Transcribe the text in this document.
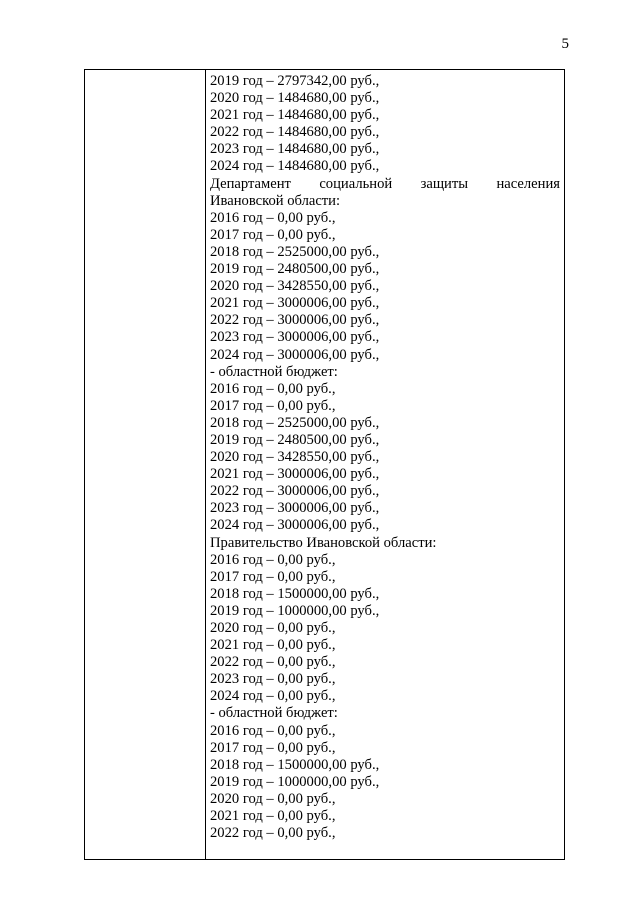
5
2019 год – 2797342,00 руб.,
2020 год – 1484680,00 руб.,
2021 год – 1484680,00 руб.,
2022 год – 1484680,00 руб.,
2023 год – 1484680,00 руб.,
2024 год – 1484680,00 руб.,
Департамент социальной защиты населения
Ивановской области:
2016 год – 0,00 руб.,
2017 год – 0,00 руб.,
2018 год – 2525000,00 руб.,
2019 год – 2480500,00 руб.,
2020 год – 3428550,00 руб.,
2021 год – 3000006,00 руб.,
2022 год – 3000006,00 руб.,
2023 год – 3000006,00 руб.,
2024 год – 3000006,00 руб.,
- областной бюджет:
2016 год – 0,00 руб.,
2017 год – 0,00 руб.,
2018 год – 2525000,00 руб.,
2019 год – 2480500,00 руб.,
2020 год – 3428550,00 руб.,
2021 год – 3000006,00 руб.,
2022 год – 3000006,00 руб.,
2023 год – 3000006,00 руб.,
2024 год – 3000006,00 руб.,
Правительство Ивановской области:
2016 год – 0,00 руб.,
2017 год – 0,00 руб.,
2018 год – 1500000,00 руб.,
2019 год – 1000000,00 руб.,
2020 год – 0,00 руб.,
2021 год – 0,00 руб.,
2022 год – 0,00 руб.,
2023 год – 0,00 руб.,
2024 год – 0,00 руб.,
- областной бюджет:
2016 год – 0,00 руб.,
2017 год – 0,00 руб.,
2018 год – 1500000,00 руб.,
2019 год – 1000000,00 руб.,
2020 год – 0,00 руб.,
2021 год – 0,00 руб.,
2022 год – 0,00 руб.,
